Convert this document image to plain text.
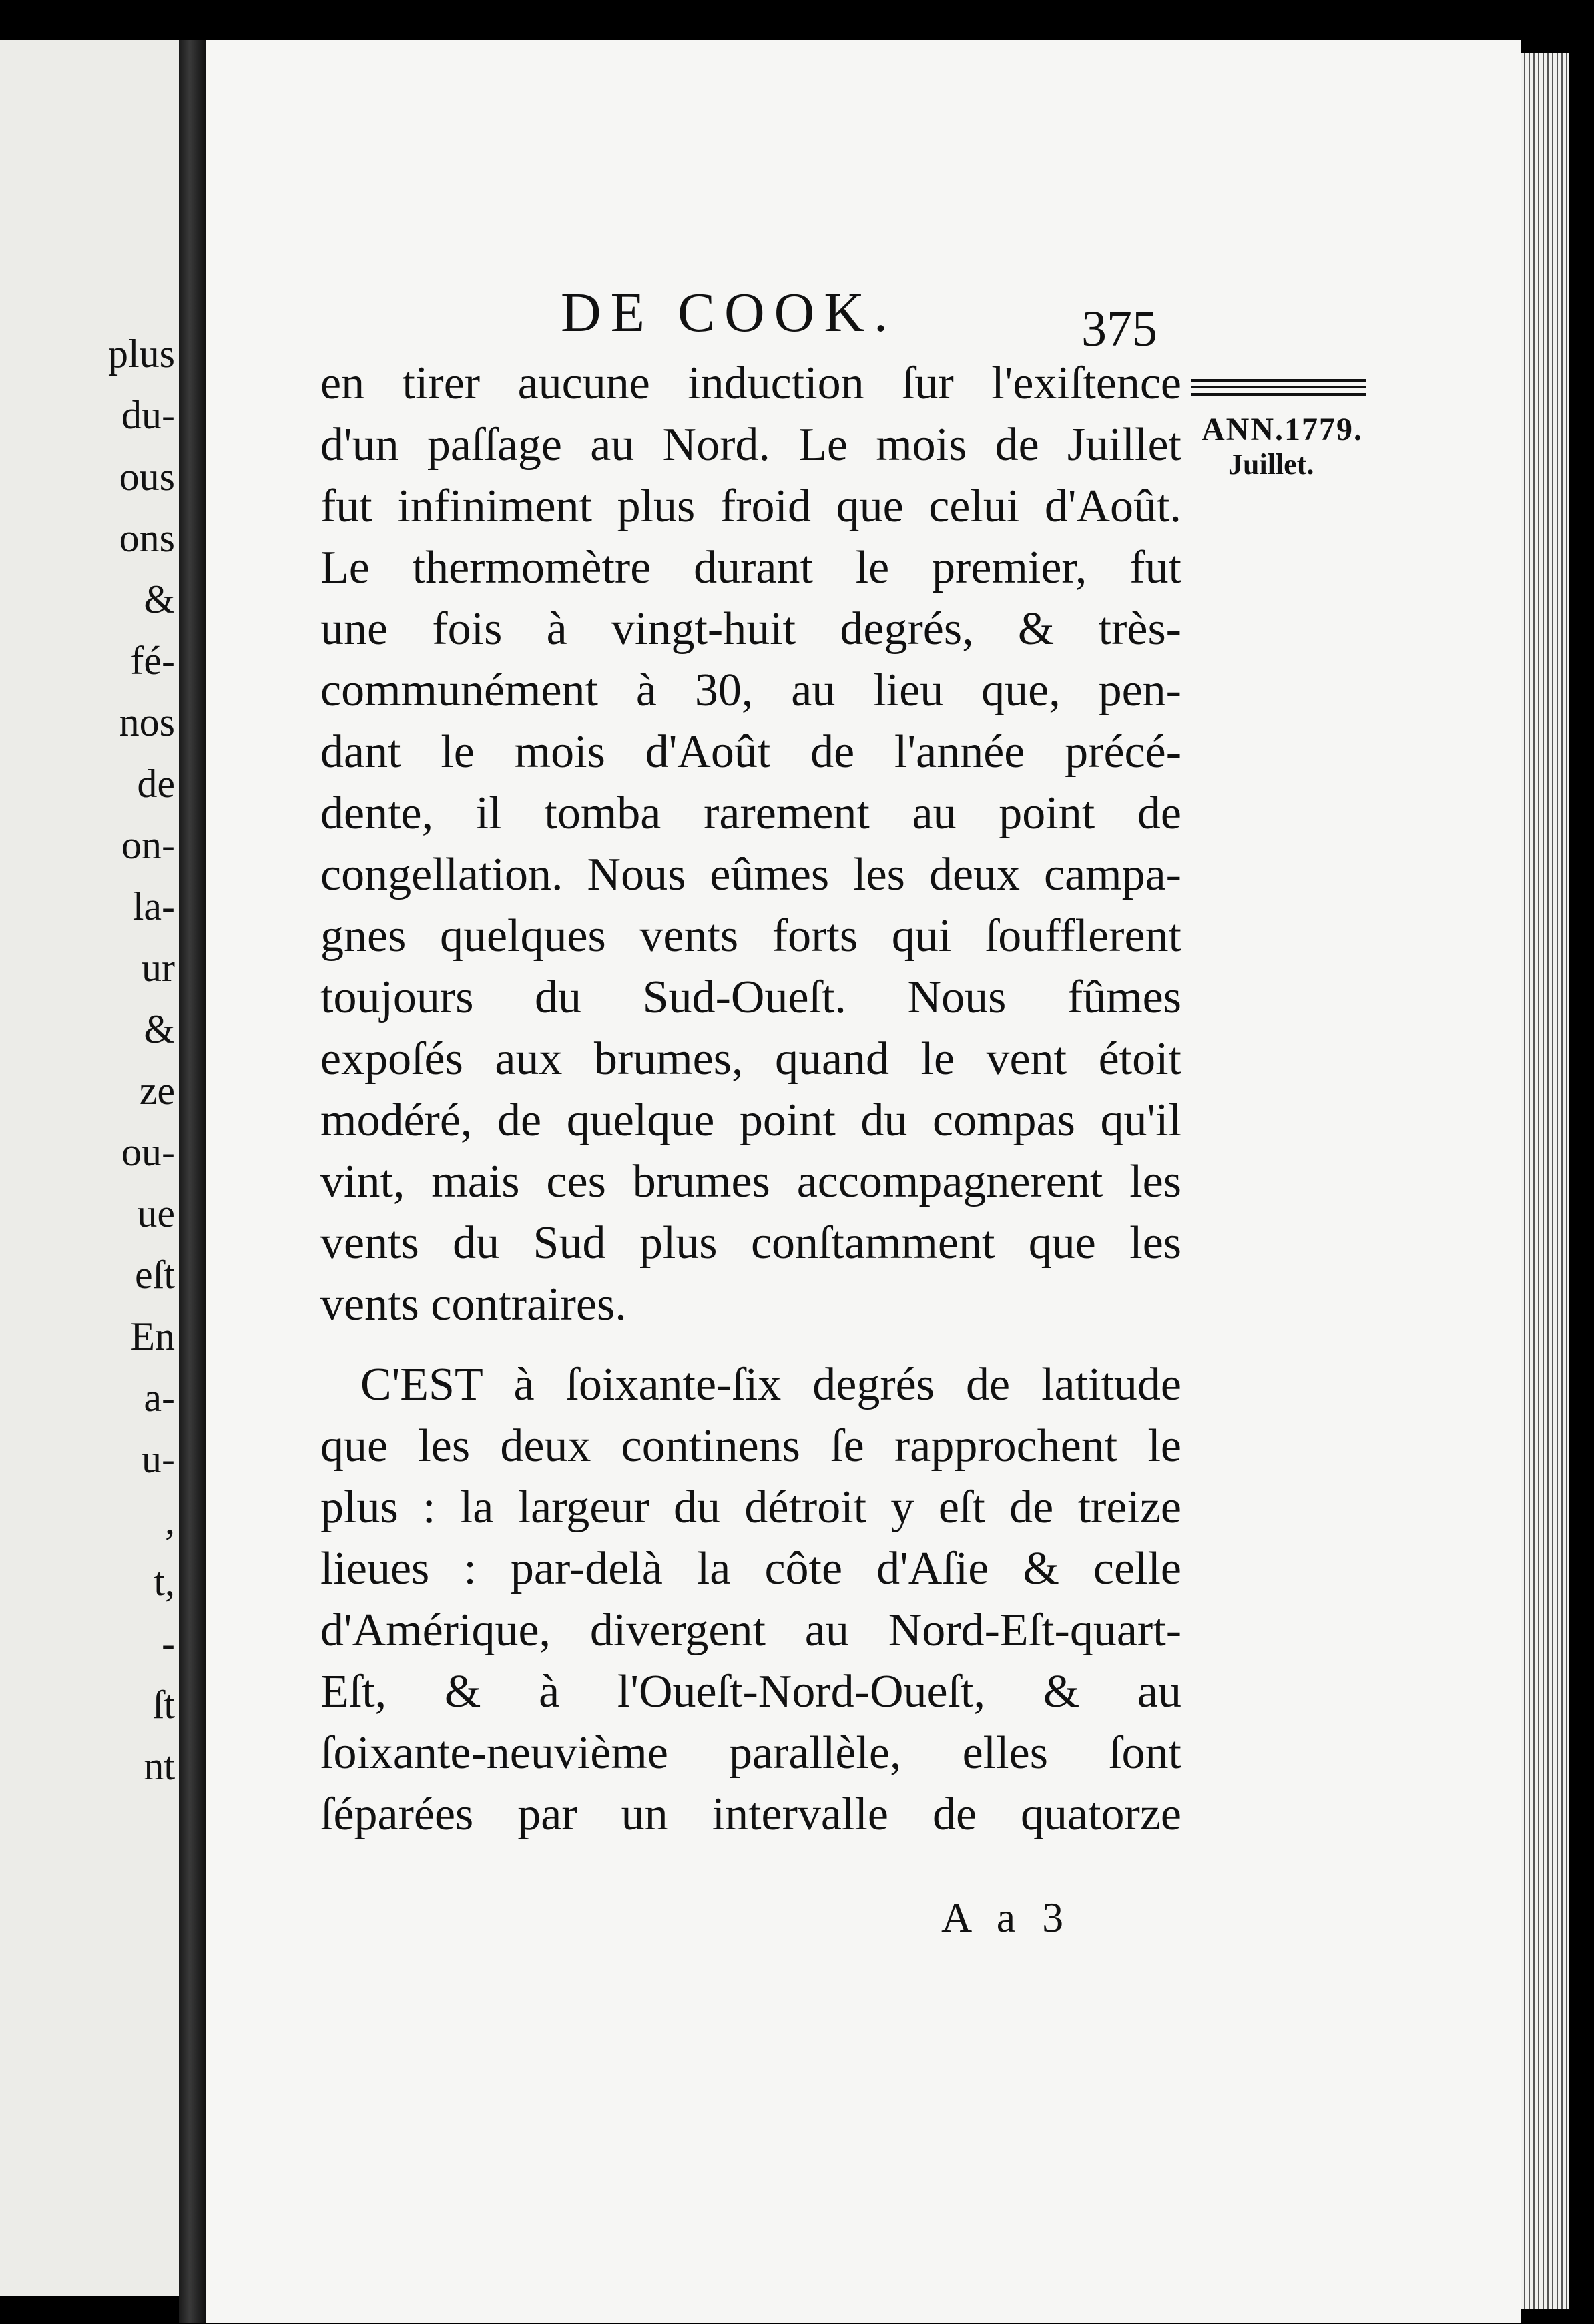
plus
du-
ous
ons
&
fé-
nos
de
on-
la-
ur
&
ze
ou-
ue
eſt
En
a-
u-
,
t,
-
ſt
nt
DE COOK.	375
ANN.1779.
Juillet.
en tirer aucune induction ſur l'exiſtence
d'un paſſage au Nord. Le mois de Juillet
fut infiniment plus froid que celui d'Août.
Le thermomètre durant le premier, fut
une fois à vingt-huit degrés, & très-
communément à 30, au lieu que, pen-
dant le mois d'Août de l'année précé-
dente, il tomba rarement au point de
congellation. Nous eûmes les deux campa-
gnes quelques vents forts qui ſoufflerent
toujours du Sud-Oueſt. Nous fûmes
expoſés aux brumes, quand le vent étoit
modéré, de quelque point du compas qu'il
vint, mais ces brumes accompagnerent les
vents du Sud plus conſtamment que les
vents contraires.
C'EST à ſoixante-ſix degrés de latitude
que les deux continens ſe rapprochent le
plus : la largeur du détroit y eſt de treize
lieues : par-delà la côte d'Aſie & celle
d'Amérique, divergent au Nord-Eſt-quart-
Eſt, & à l'Oueſt-Nord-Oueſt, & au
ſoixante-neuvième parallèle, elles ſont
ſéparées par un intervalle de quatorze
A a 3
